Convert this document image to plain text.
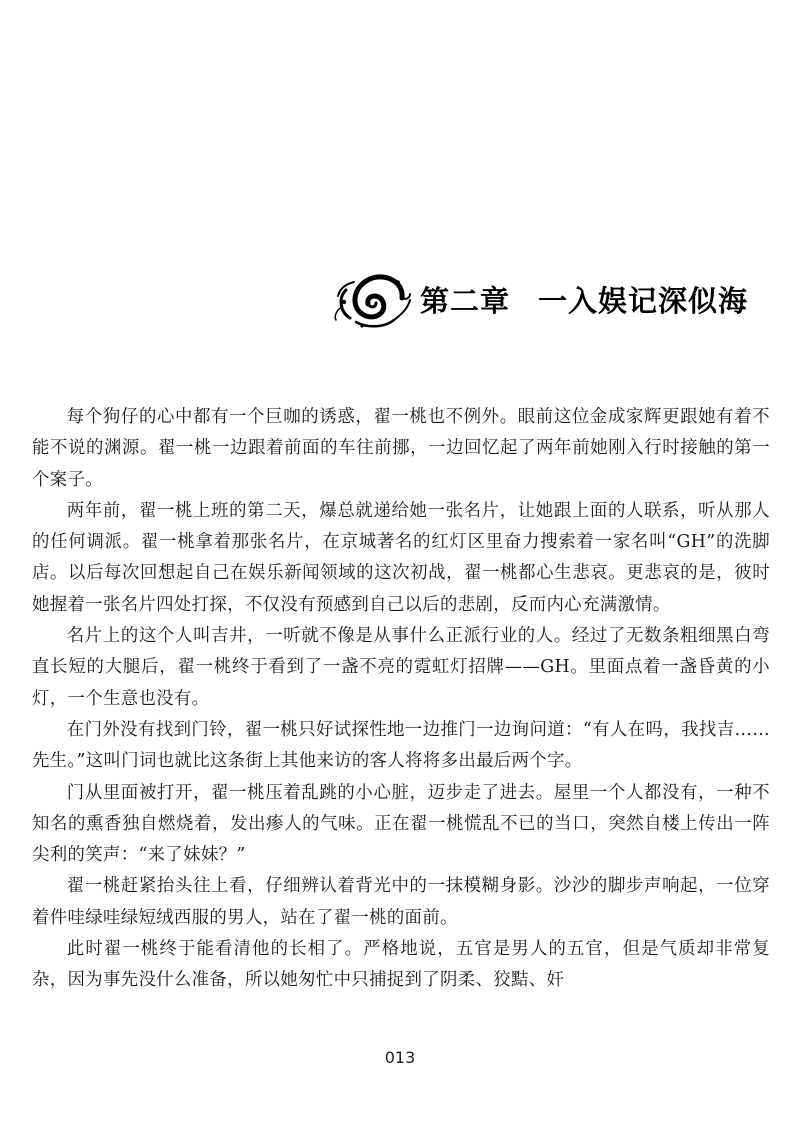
第二章 一入娱记深似海

每个狗仔的心中都有一个巨咖的诱惑，翟一桃也不例外。眼前这位金成家辉更跟她有着不能不说的渊源。翟一桃一边跟着前面的车往前挪，一边回忆起了两年前她刚入行时接触的第一个案子。

两年前，翟一桃上班的第二天，爆总就递给她一张名片，让她跟上面的人联系，听从那人的任何调派。翟一桃拿着那张名片，在京城著名的红灯区里奋力搜索着一家名叫“GH”的洗脚店。以后每次回想起自己在娱乐新闻领域的这次初战，翟一桃都心生悲哀。更悲哀的是，彼时她握着一张名片四处打探，不仅没有预感到自己以后的悲剧，反而内心充满激情。

名片上的这个人叫吉井，一听就不像是从事什么正派行业的人。经过了无数条粗细黑白弯直长短的大腿后，翟一桃终于看到了一盏不亮的霓虹灯招牌——GH。里面点着一盏昏黄的小灯，一个生意也没有。

在门外没有找到门铃，翟一桃只好试探性地一边推门一边询问道：“有人在吗，我找吉……先生。”这叫门词也就比这条街上其他来访的客人将将多出最后两个字。

门从里面被打开，翟一桃压着乱跳的小心脏，迈步走了进去。屋里一个人都没有，一种不知名的熏香独自燃烧着，发出瘆人的气味。正在翟一桃慌乱不已的当口，突然自楼上传出一阵尖利的笑声：“来了妹妹？”

翟一桃赶紧抬头往上看，仔细辨认着背光中的一抹模糊身影。沙沙的脚步声响起，一位穿着件哇绿哇绿短绒西服的男人，站在了翟一桃的面前。

此时翟一桃终于能看清他的长相了。严格地说，五官是男人的五官，但是气质却非常复杂，因为事先没什么准备，所以她匆忙中只捕捉到了阴柔、狡黠、奸

013
